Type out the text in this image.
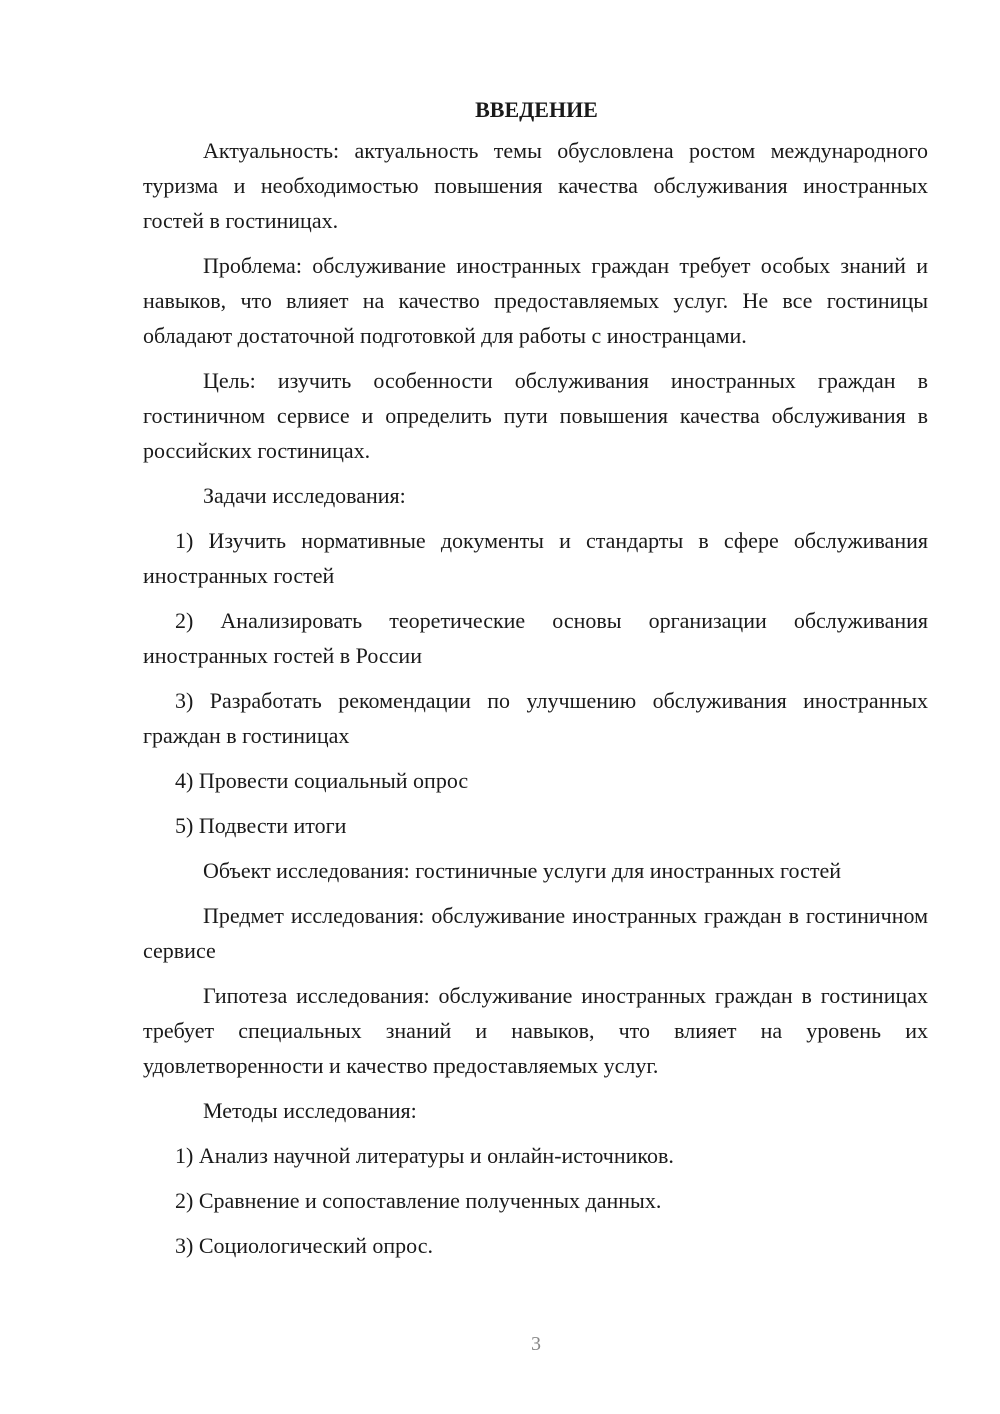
ВВЕДЕНИЕ
Актуальность: актуальность темы обусловлена ростом международного туризма и необходимостью повышения качества обслуживания иностранных гостей в гостиницах.
Проблема: обслуживание иностранных граждан требует особых знаний и навыков, что влияет на качество предоставляемых услуг. Не все гостиницы обладают достаточной подготовкой для работы с иностранцами.
Цель: изучить особенности обслуживания иностранных граждан в гостиничном сервисе и определить пути повышения качества обслуживания в российских гостиницах.
Задачи исследования:
1) Изучить нормативные документы и стандарты в сфере обслуживания иностранных гостей
2) Анализировать теоретические основы организации обслуживания иностранных гостей в России
3) Разработать рекомендации по улучшению обслуживания иностранных граждан в гостиницах
4) Провести социальный опрос
5) Подвести итоги
Объект исследования: гостиничные услуги для иностранных гостей
Предмет исследования: обслуживание иностранных граждан в гостиничном сервисе
Гипотеза исследования: обслуживание иностранных граждан в гостиницах требует специальных знаний и навыков, что влияет на уровень их удовлетворенности и качество предоставляемых услуг.
Методы исследования:
1) Анализ научной литературы и онлайн-источников.
2) Сравнение и сопоставление полученных данных.
3) Социологический опрос.
3
